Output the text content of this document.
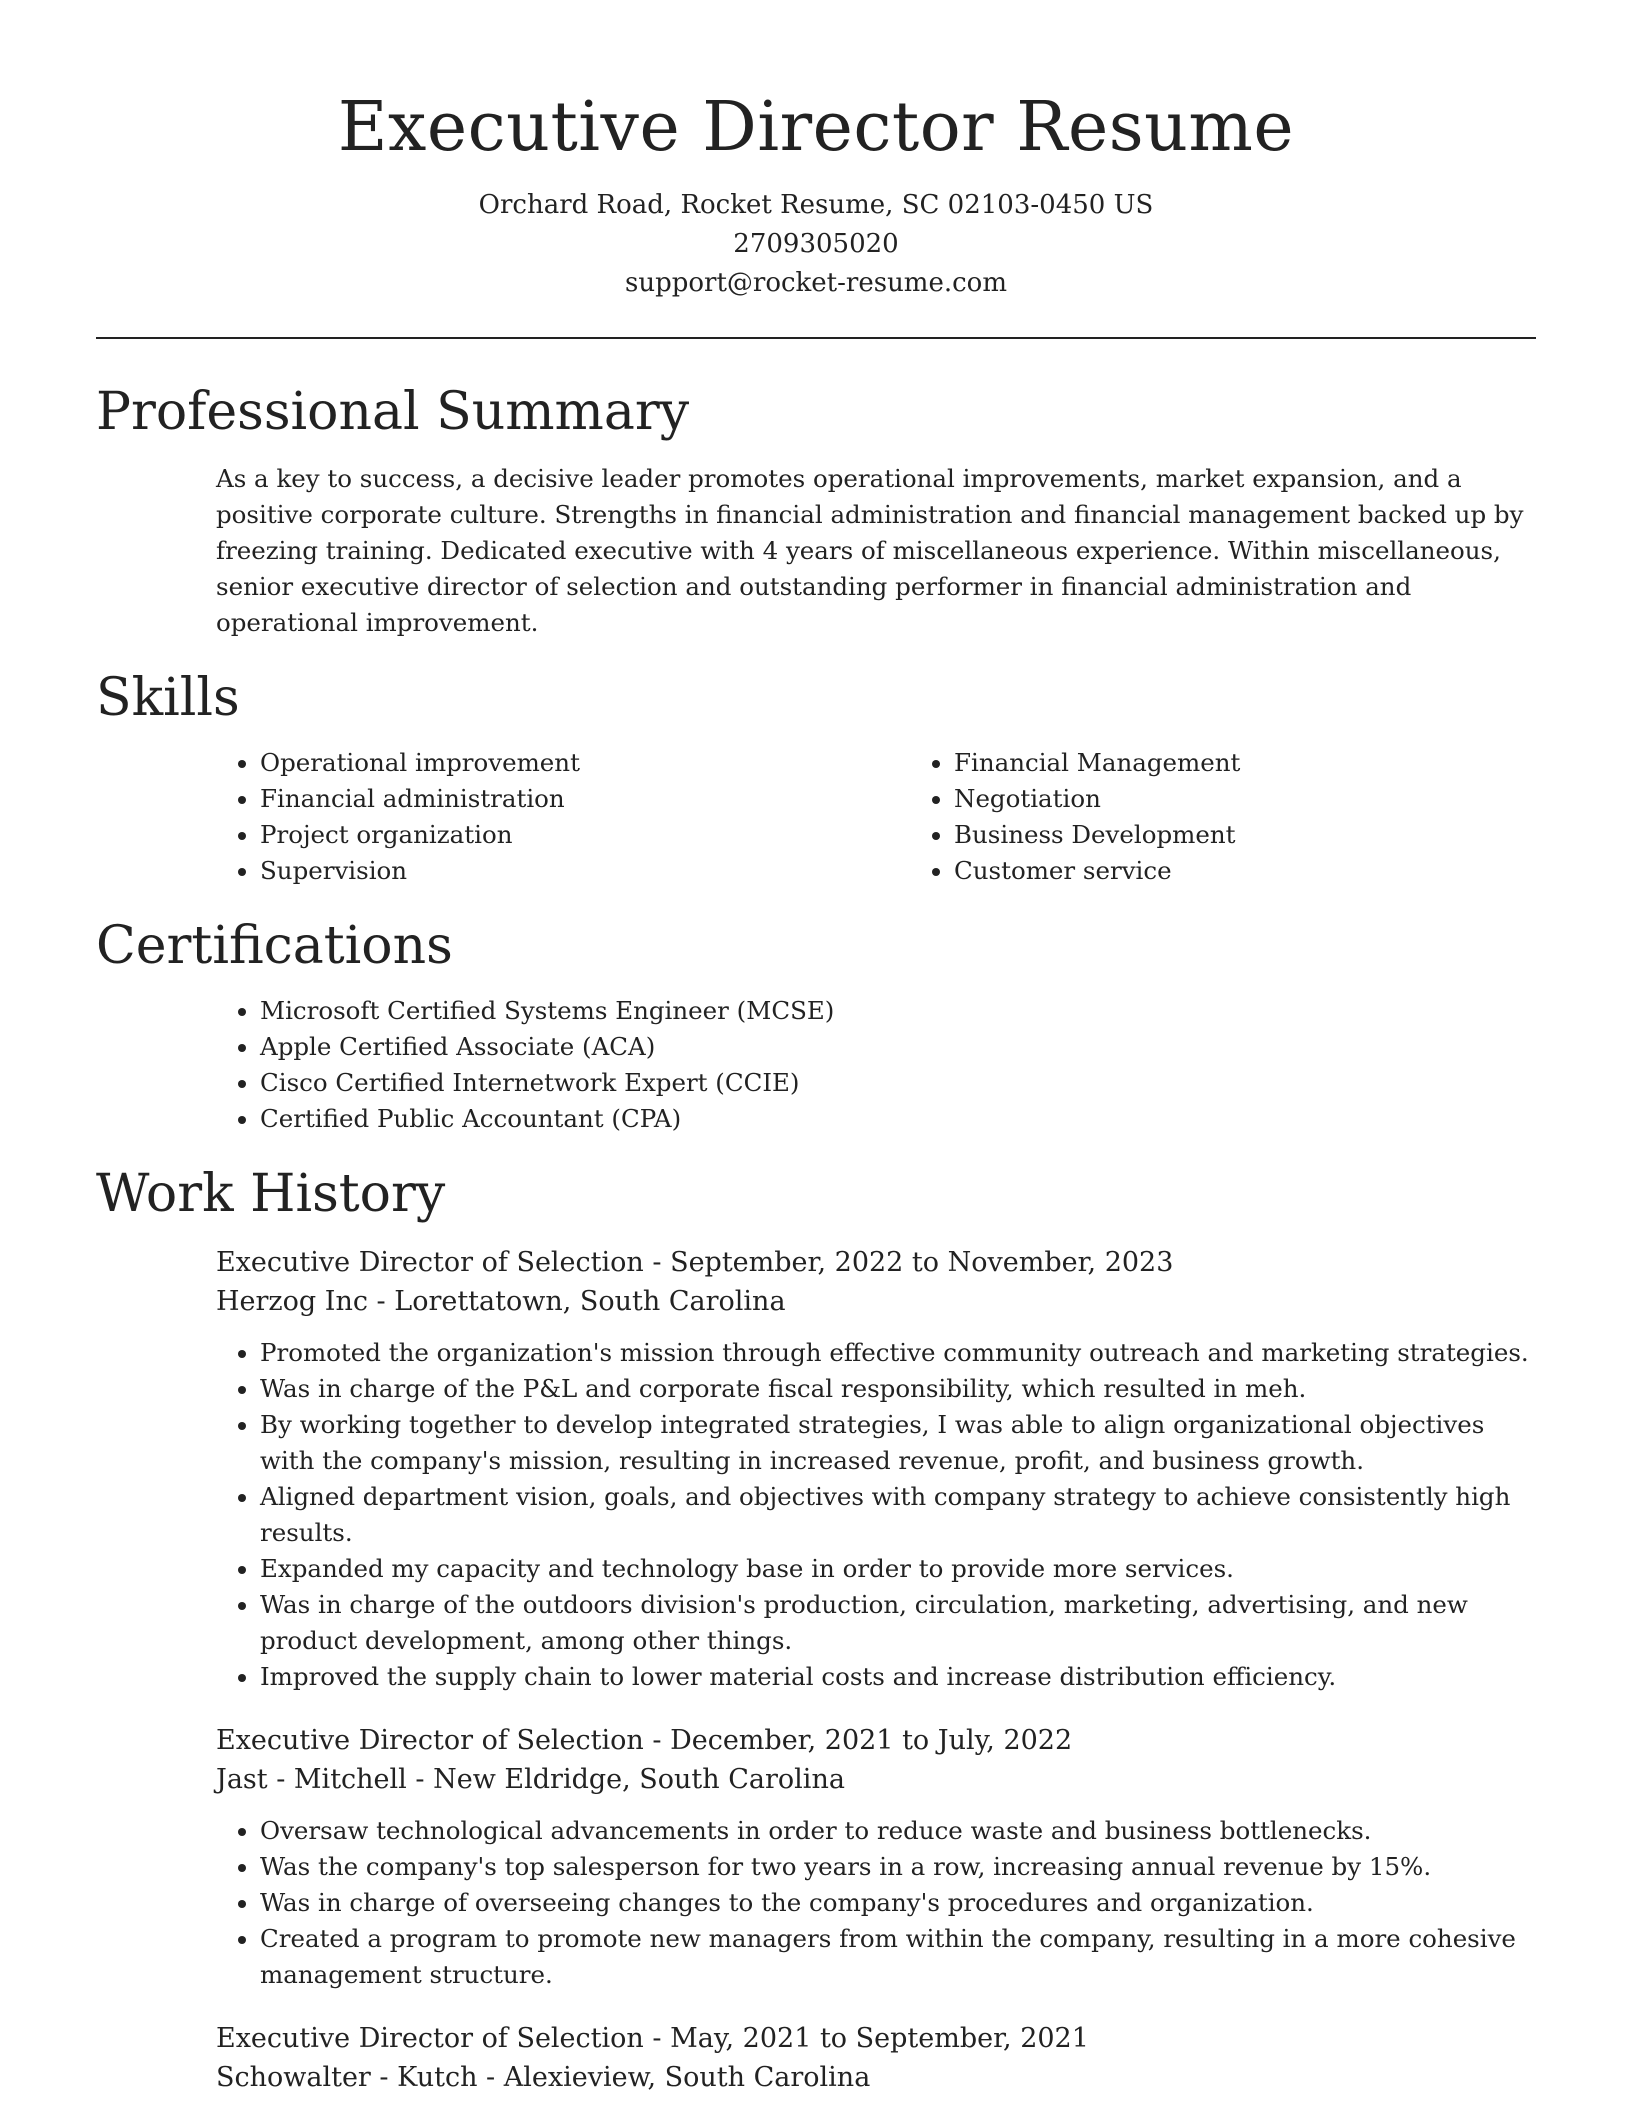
Executive Director Resume
Orchard Road, Rocket Resume, SC 02103-0450 US
2709305020
support@rocket-resume.com
Professional Summary

As a key to success, a decisive leader promotes operational improvements, market expansion, and a positive corporate culture. Strengths in financial administration and financial management backed up by freezing training. Dedicated executive with 4 years of miscellaneous experience. Within miscellaneous, senior executive director of selection and outstanding performer in financial administration and operational improvement.

Skills
• Operational improvement
• Financial administration
• Project organization
• Supervision
• Financial Management
• Negotiation
• Business Development
• Customer service
Certifications
• Microsoft Certified Systems Engineer (MCSE)
• Apple Certified Associate (ACA)
• Cisco Certified Internetwork Expert (CCIE)
• Certified Public Accountant (CPA)
Work History
Executive Director of Selection - September, 2022 to November, 2023
Herzog Inc - Lorettatown, South Carolina
• Promoted the organization's mission through effective community outreach and marketing strategies.
• Was in charge of the P&L and corporate fiscal responsibility, which resulted in meh.
• By working together to develop integrated strategies, I was able to align organizational objectives with the company's mission, resulting in increased revenue, profit, and business growth.
• Aligned department vision, goals, and objectives with company strategy to achieve consistently high results.
• Expanded my capacity and technology base in order to provide more services.
• Was in charge of the outdoors division's production, circulation, marketing, advertising, and new product development, among other things.
• Improved the supply chain to lower material costs and increase distribution efficiency.
Executive Director of Selection - December, 2021 to July, 2022
Jast - Mitchell - New Eldridge, South Carolina
• Oversaw technological advancements in order to reduce waste and business bottlenecks.
• Was the company's top salesperson for two years in a row, increasing annual revenue by 15%.
• Was in charge of overseeing changes to the company's procedures and organization.
• Created a program to promote new managers from within the company, resulting in a more cohesive management structure.
Executive Director of Selection - May, 2021 to September, 2021
Schowalter - Kutch - Alexieview, South Carolina
